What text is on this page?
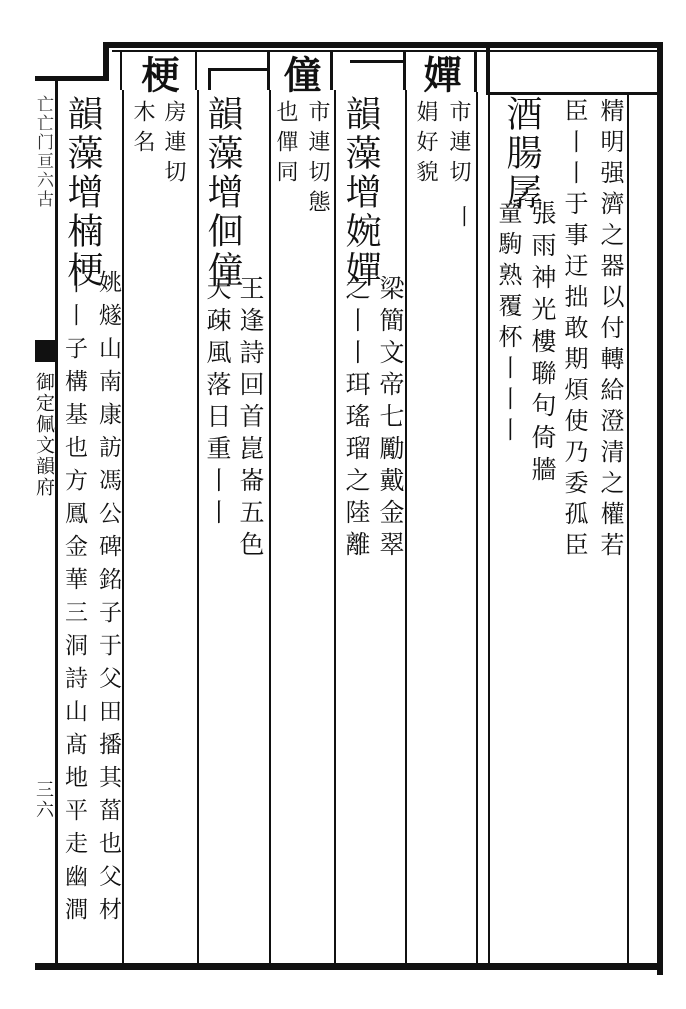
亡亡门亘六古
御定佩文韻府
三六
梗	僮	嬋
精明强濟之器以付轉給澄清之權若
臣丨丨于事迂拙敢期煩使乃委孤臣
酒腸孱
張雨神光樓聯句倚牆
童駒熟覆杯丨丨丨
市連切
丨
娟好貌
韻藻增婉嬋
梁簡文帝七勵戴金翠
之丨丨珥瑤瑠之陸離
市連切態
也僤同
韻藻增佪僮
王逢詩回首崑崙五色
天疎風落日重丨丨
房連切
木名
韻藻增楠梗
姚燧山南康訪馮公碑銘子于父田播其菑也父材
丨丨子構基也方鳳金華三洞詩山髙地平走幽澗
